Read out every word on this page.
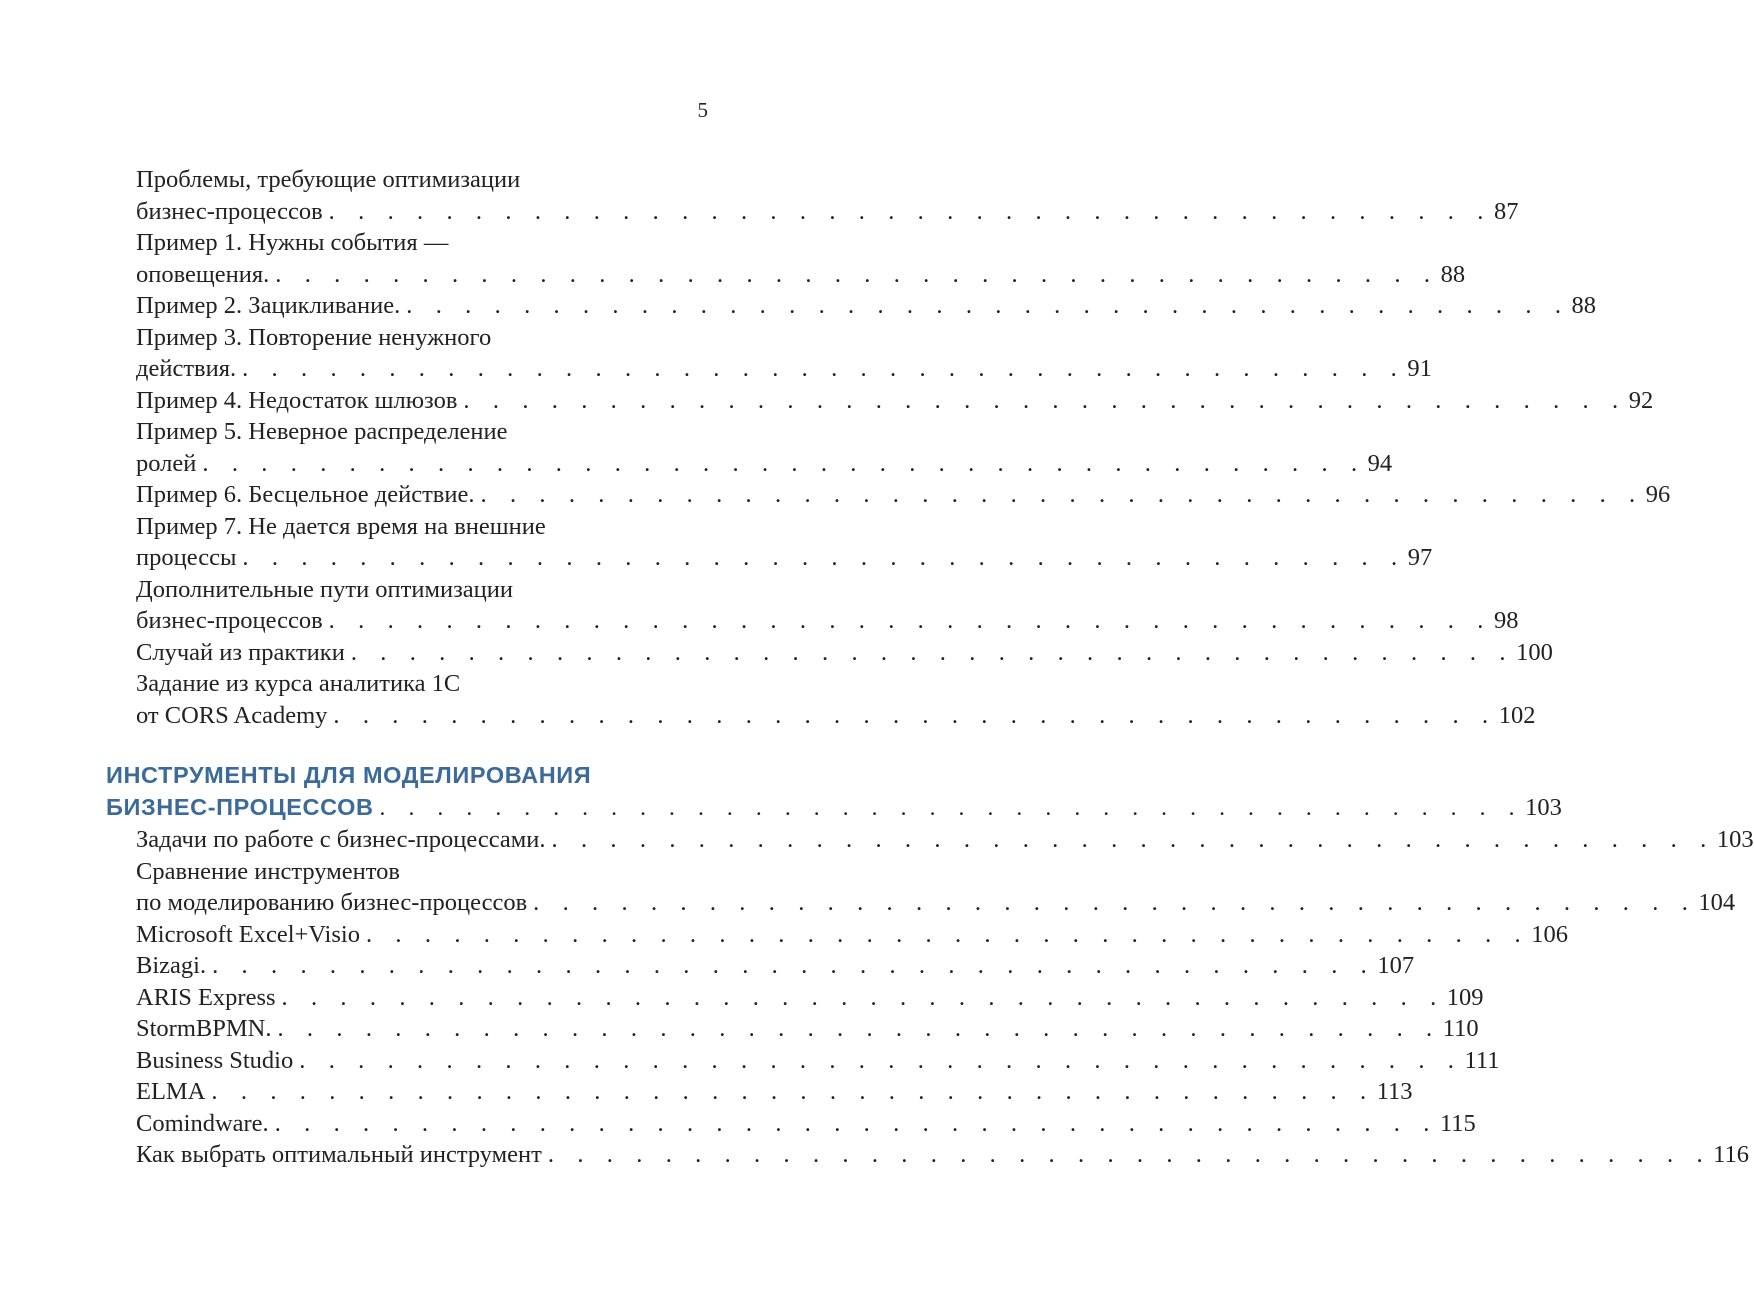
5
Проблемы, требующие оптимизации
бизнес-процессов . . . . . . . . . . . . . . . . . . . . . . . . . . . . . . . . . . . . . . . . 87
Пример 1. Нужны события —
оповещения. . . . . . . . . . . . . . . . . . . . . . . . . . . . . . . . . . . . . . . . . 88
Пример 2. Зацикливание. . . . . . . . . . . . . . . . . . . . . . . . . . . . . . . . . . . . . . . . . 88
Пример 3. Повторение ненужного
действия. . . . . . . . . . . . . . . . . . . . . . . . . . . . . . . . . . . . . . . . . 91
Пример 4. Недостаток шлюзов . . . . . . . . . . . . . . . . . . . . . . . . . . . . . . . . . . . . . . . . 92
Пример 5. Неверное распределение
ролей . . . . . . . . . . . . . . . . . . . . . . . . . . . . . . . . . . . . . . . . 94
Пример 6. Бесцельное действие. . . . . . . . . . . . . . . . . . . . . . . . . . . . . . . . . . . . . . . . . 96
Пример 7. Не дается время на внешние
процессы . . . . . . . . . . . . . . . . . . . . . . . . . . . . . . . . . . . . . . . . 97
Дополнительные пути оптимизации
бизнес-процессов . . . . . . . . . . . . . . . . . . . . . . . . . . . . . . . . . . . . . . . . 98
Случай из практики . . . . . . . . . . . . . . . . . . . . . . . . . . . . . . . . . . . . . . . . 100
Задание из курса аналитика 1С
от CORS Academy . . . . . . . . . . . . . . . . . . . . . . . . . . . . . . . . . . . . . . . . 102
ИНСТРУМЕНТЫ ДЛЯ МОДЕЛИРОВАНИЯ
БИЗНЕС-ПРОЦЕССОВ . . . . . . . . . . . . . . . . . . . . . . . . . . . . . . . . . . . . . . . . 103
Задачи по работе с бизнес-процессами. . . . . . . . . . . . . . . . . . . . . . . . . . . . . . . . . . . . . . . . . 103
Сравнение инструментов
по моделированию бизнес-процессов . . . . . . . . . . . . . . . . . . . . . . . . . . . . . . . . . . . . . . . . 104
Microsoft Excel+Visio . . . . . . . . . . . . . . . . . . . . . . . . . . . . . . . . . . . . . . . . 106
Bizagi. . . . . . . . . . . . . . . . . . . . . . . . . . . . . . . . . . . . . . . . . 107
ARIS Express . . . . . . . . . . . . . . . . . . . . . . . . . . . . . . . . . . . . . . . . 109
StormBPMN. . . . . . . . . . . . . . . . . . . . . . . . . . . . . . . . . . . . . . . . . 110
Business Studio . . . . . . . . . . . . . . . . . . . . . . . . . . . . . . . . . . . . . . . . 111
ELMA . . . . . . . . . . . . . . . . . . . . . . . . . . . . . . . . . . . . . . . . 113
Comindware. . . . . . . . . . . . . . . . . . . . . . . . . . . . . . . . . . . . . . . . . 115
Как выбрать оптимальный инструмент . . . . . . . . . . . . . . . . . . . . . . . . . . . . . . . . . . . . . . . . 116
